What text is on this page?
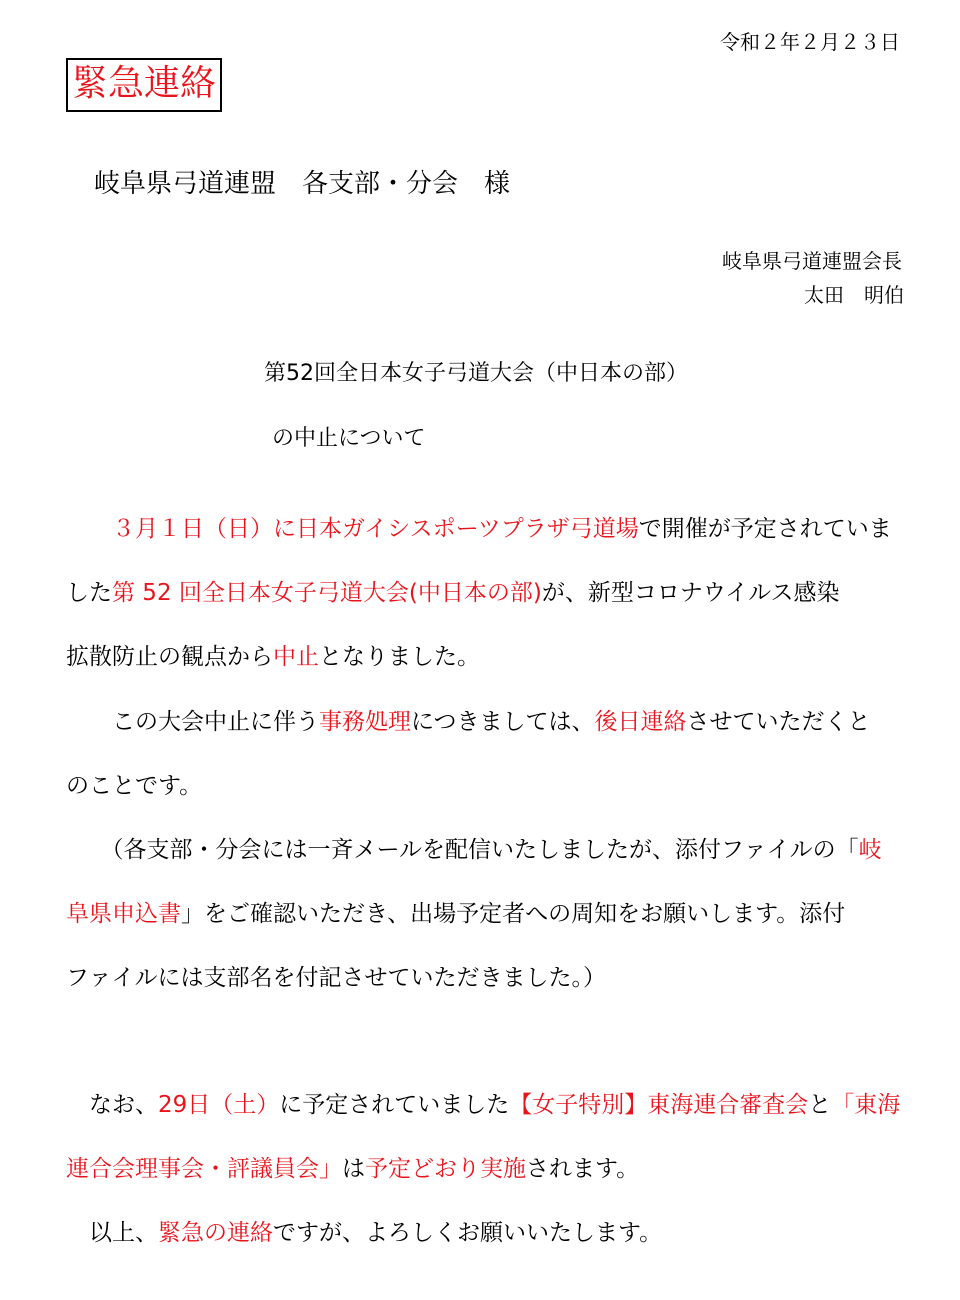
令和２年２月２３日
緊急連絡
岐阜県弓道連盟　各支部・分会　様
岐阜県弓道連盟会長
太田　明伯
第52回全日本女子弓道大会（中日本の部）
の中止について

　　３月１日（日）に日本ガイシスポーツプラザ弓道場で開催が予定されていま

した第 52 回全日本女子弓道大会(中日本の部)が、新型コロナウイルス感染

拡散防止の観点から中止となりました。

　　この大会中止に伴う事務処理につきましては、後日連絡させていただくと

のことです。

　　（各支部・分会には一斉メールを配信いたしましたが、添付ファイルの「岐

阜県申込書」をご確認いただき、出場予定者への周知をお願いします。添付

ファイルには支部名を付記させていただきました。）

　なお、29日（土）に予定されていました【女子特別】東海連合審査会と「東海

連合会理事会・評議員会」は予定どおり実施されます。

　以上、緊急の連絡ですが、よろしくお願いいたします。
